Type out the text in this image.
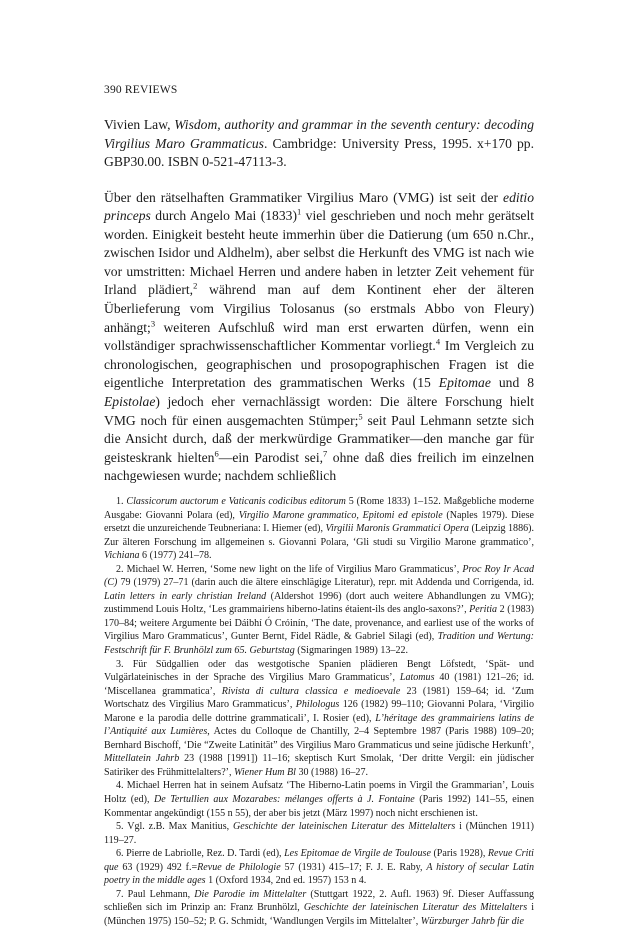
390 REVIEWS

Vivien Law, Wisdom, authority and grammar in the seventh century: decoding Virgilius Maro Grammaticus. Cambridge: University Press, 1995. x+170 pp. GBP30.00. ISBN 0-521-47113-3.

Über den rätselhaften Grammatiker Virgilius Maro (VMG) ist seit der editio princeps durch Angelo Mai $(1833)^1$ viel geschrieben und noch mehr gerätselt worden. Einigkeit besteht heute immerhin über die Datierung (um 650 n.Chr., zwischen Isidor und Aldhelm), aber selbst die Herkunft des VMG ist nach wie vor umstritten: Michael Herren und andere haben in letzter Zeit vehement für Irland plädiert,$^2$ während man auf dem Kontinent eher der älteren Überlieferung vom Virgilius Tolosanus (so erstmals Abbo von Fleury) anhängt;$^3$ weiteren Aufschluß wird man erst erwarten dürfen, wenn ein vollständiger sprachwissenschaftlicher Kommentar vorliegt.$^4$ Im Vergleich zu chronologischen, geographischen und prosopographischen Fragen ist die eigentliche Interpretation des grammatischen Werks (15 Epitomae und 8 Epistolae) jedoch eher vernachlässigt worden: Die ältere Forschung hielt VMG noch für einen ausgemachten Stümper;$^5$ seit Paul Lehmann setzte sich die Ansicht durch, daß der merkwürdige Grammatiker—den manche gar für geisteskrank hielten$^6$—ein Parodist sei,$^7$ ohne daß dies freilich im einzelnen nachgewiesen wurde; nachdem schließlich

1. Classicorum auctorum e Vaticanis codicibus editorum 5 (Rome 1833) 1–152. Maßgebliche moderne Ausgabe: Giovanni Polara (ed), Virgilio Marone grammatico, Epitomi ed epistole (Naples 1979). Diese ersetzt die unzureichende Teubneriana: I. Hiemer (ed), Virgilii Maronis Grammatici Opera (Leipzig 1886). Zur älteren Forschung im allgemeinen s. Giovanni Polara, ‘Gli studi su Virgilio Marone grammatico’, Vichiana 6 (1977) 241–78.

2. Michael W. Herren, ‘Some new light on the life of Virgilius Maro Grammaticus’, Proc Roy Ir Acad (C) 79 (1979) 27–71 (darin auch die ältere einschlägige Literatur), repr. mit Addenda und Corrigenda, id. Latin letters in early christian Ireland (Aldershot 1996) (dort auch weitere Abhandlungen zu VMG); zustimmend Louis Holtz, ‘Les grammairiens hiberno-latins étaient-ils des anglo-saxons?’, Peritia 2 (1983) 170–84; weitere Argumente bei Dáibhí Ó Cróinín, ‘The date, provenance, and earliest use of the works of Virgilius Maro Grammaticus’, Gunter Bernt, Fidel Rädle, & Gabriel Silagi (ed), Tradition und Wertung: Festschrift für F. Brunhölzl zum 65. Geburtstag (Sigmaringen 1989) 13–22.

3. Für Südgallien oder das westgotische Spanien plädieren Bengt Löfstedt, ‘Spät- und Vulgärlateinisches in der Sprache des Virgilius Maro Grammaticus’, Latomus 40 (1981) 121–26; id. ‘Miscellanea grammatica’, Rivista di cultura classica e medioevale 23 (1981) 159–64; id. ‘Zum Wortschatz des Virgilius Maro Grammaticus’, Philologus 126 (1982) 99–110; Giovanni Polara, ‘Virgilio Marone e la parodia delle dottrine grammaticali’, I. Rosier (ed), L’héritage des grammairiens latins de l’Antiquité aux Lumières, Actes du Colloque de Chantilly, 2–4 Septembre 1987 (Paris 1988) 109–20; Bernhard Bischoff, ‘Die “Zweite Latinität” des Virgilius Maro Grammaticus und seine jüdische Herkunft’, Mittellatein Jahrb 23 (1988 [1991]) 11–16; skeptisch Kurt Smolak, ‘Der dritte Vergil: ein jüdischer Satiriker des Frühmittelalters?’, Wiener Hum Bl 30 (1988) 16–27.

4. Michael Herren hat in seinem Aufsatz ‘The Hiberno-Latin poems in Virgil the Grammarian’, Louis Holtz (ed), De Tertullien aux Mozarabes: mélanges offerts à J. Fontaine (Paris 1992) 141–55, einen Kommentar angekündigt (155 n 55), der aber bis jetzt (März 1997) noch nicht erschienen ist.

5. Vgl. z.B. Max Manitius, Geschichte der lateinischen Literatur des Mittelalters i (München 1911) 119–27.

6. Pierre de Labriolle, Rez. D. Tardi (ed), Les Epitomae de Virgile de Toulouse (Paris 1928), Revue Criti que 63 (1929) 492 f.=Revue de Philologie 57 (1931) 415–17; F. J. E. Raby, A history of secular Latin poetry in the middle ages 1 (Oxford 1934, 2nd ed. 1957) 153 n 4.

7. Paul Lehmann, Die Parodie im Mittelalter (Stuttgart 1922, 2. Aufl. 1963) 9f. Dieser Auffassung schließen sich im Prinzip an: Franz Brunhölzl, Geschichte der lateinischen Literatur des Mittelalters i (München 1975) 150–52; P. G. Schmidt, ‘Wandlungen Vergils im Mittelalter’, Würzburger Jahrb für die
